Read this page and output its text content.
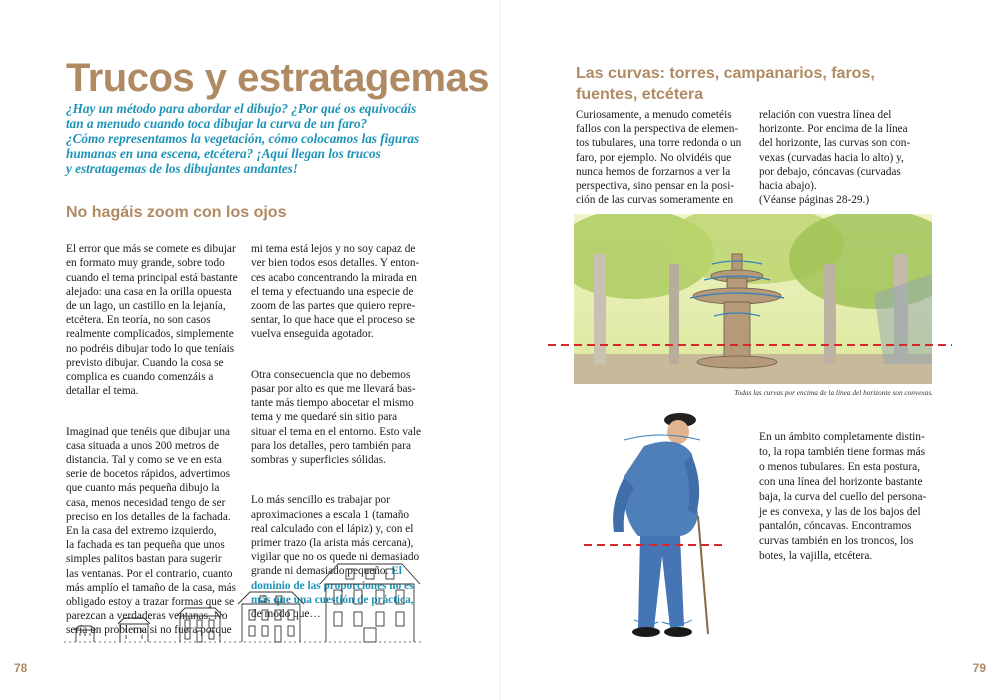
Trucos y estratagemas
¿Hay un método para abordar el dibujo? ¿Por qué os equivocáis
tan a menudo cuando toca dibujar la curva de un faro?
¿Cómo representamos la vegetación, cómo colocamos las figuras
humanas en una escena, etcétera? ¡Aquí llegan los trucos
y estratagemas de los dibujantes andantes!
No hagáis zoom con los ojos

El error que más se comete es dibujar
en formato muy grande, sobre todo
cuando el tema principal está bastante
alejado: una casa en la orilla opuesta
de un lago, un castillo en la lejanía,
etcétera. En teoría, no son casos
realmente complicados, simplemente
no podréis dibujar todo lo que teníais
previsto dibujar. Cuando la cosa se
complica es cuando comenzáis a
detallar el tema.

Imaginad que tenéis que dibujar una
casa situada a unos 200 metros de
distancia. Tal y como se ve en esta
serie de bocetos rápidos, advertimos
que cuanto más pequeña dibujo la
casa, menos necesidad tengo de ser
preciso en los detalles de la fachada.
En la casa del extremo izquierdo,
la fachada es tan pequeña que unos
simples palitos bastan para sugerir
las ventanas. Por el contrario, cuanto
más amplío el tamaño de la casa, más
obligado estoy a trazar formas que se
parezcan a verdaderas ventanas. No
sería un problema si no fuera porque

mi tema está lejos y no soy capaz de
ver bien todos esos detalles. Y enton-
ces acabo concentrando la mirada en
el tema y efectuando una especie de
zoom de las partes que quiero repre-
sentar, lo que hace que el proceso se
vuelva enseguida agotador.

Otra consecuencia que no debemos
pasar por alto es que me llevará bas-
tante más tiempo abocetar el mismo
tema y me quedaré sin sitio para
situar el tema en el entorno. Esto vale
para los detalles, pero también para
sombras y superficies sólidas.

Lo más sencillo es trabajar por
aproximaciones a escala 1 (tamaño
real calculado con el lápiz) y, con el
primer trazo (la arista más cercana),
vigilar que no os quede ni demasiado
grande ni demasiado pequeño. El
dominio de las proporciones no es
más que una cuestión de práctica,
de modo que…

78
Las curvas: torres, campanarios, faros,
fuentes, etcétera
Curiosamente, a menudo cometéis
fallos con la perspectiva de elemen-
tos tubulares, una torre redonda o un
faro, por ejemplo. No olvidéis que
nunca hemos de forzarnos a ver la
perspectiva, sino pensar en la posi-
ción de las curvas someramente en
relación con vuestra línea del
horizonte. Por encima de la línea
del horizonte, las curvas son con-
vexas (curvadas hacia lo alto) y,
por debajo, cóncavas (curvadas
hacia abajo).
(Véanse páginas 28-29.)
Todas las curvas por encima de la línea del horizonte son convexas.
En un ámbito completamente distin-
to, la ropa también tiene formas más
o menos tubulares. En esta postura,
con una línea del horizonte bastante
baja, la curva del cuello del persona-
je es convexa, y las de los bajos del
pantalón, cóncavas. Encontramos
curvas también en los troncos, los
botes, la vajilla, etcétera.
79
